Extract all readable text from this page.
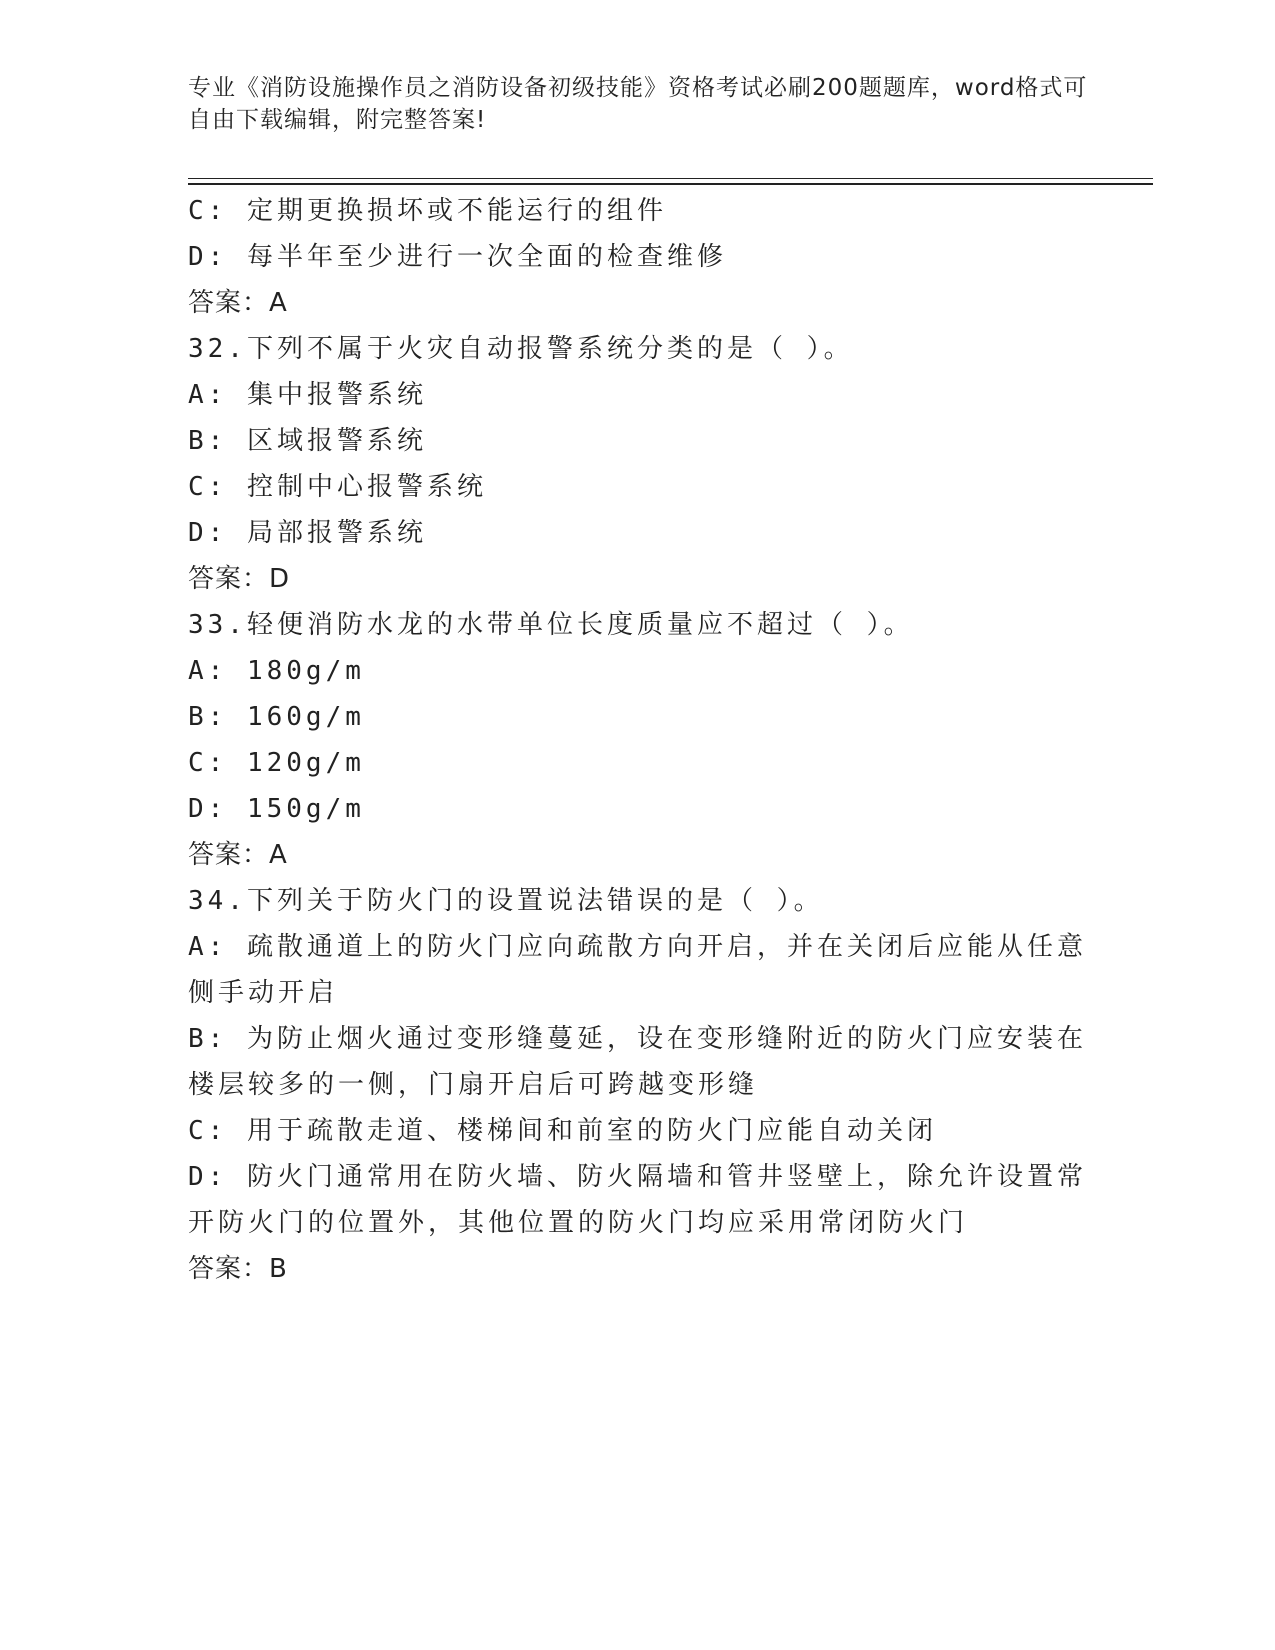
专业《消防设施操作员之消防设备初级技能》资格考试必刷200题题库，word格式可自由下载编辑，附完整答案!
C: 定期更换损坏或不能运行的组件
D: 每半年至少进行一次全面的检查维修
答案：A
32.下列不属于火灾自动报警系统分类的是（ ）。
A: 集中报警系统
B: 区域报警系统
C: 控制中心报警系统
D: 局部报警系统
答案：D
33.轻便消防水龙的水带单位长度质量应不超过（ ）。
A: 180g/m
B: 160g/m
C: 120g/m
D: 150g/m
答案：A
34.下列关于防火门的设置说法错误的是（ ）。
A: 疏散通道上的防火门应向疏散方向开启，并在关闭后应能从任意侧手动开启
B: 为防止烟火通过变形缝蔓延，设在变形缝附近的防火门应安装在楼层较多的一侧，门扇开启后可跨越变形缝
C: 用于疏散走道、楼梯间和前室的防火门应能自动关闭
D: 防火门通常用在防火墙、防火隔墙和管井竖壁上，除允许设置常开防火门的位置外，其他位置的防火门均应采用常闭防火门
答案：B
